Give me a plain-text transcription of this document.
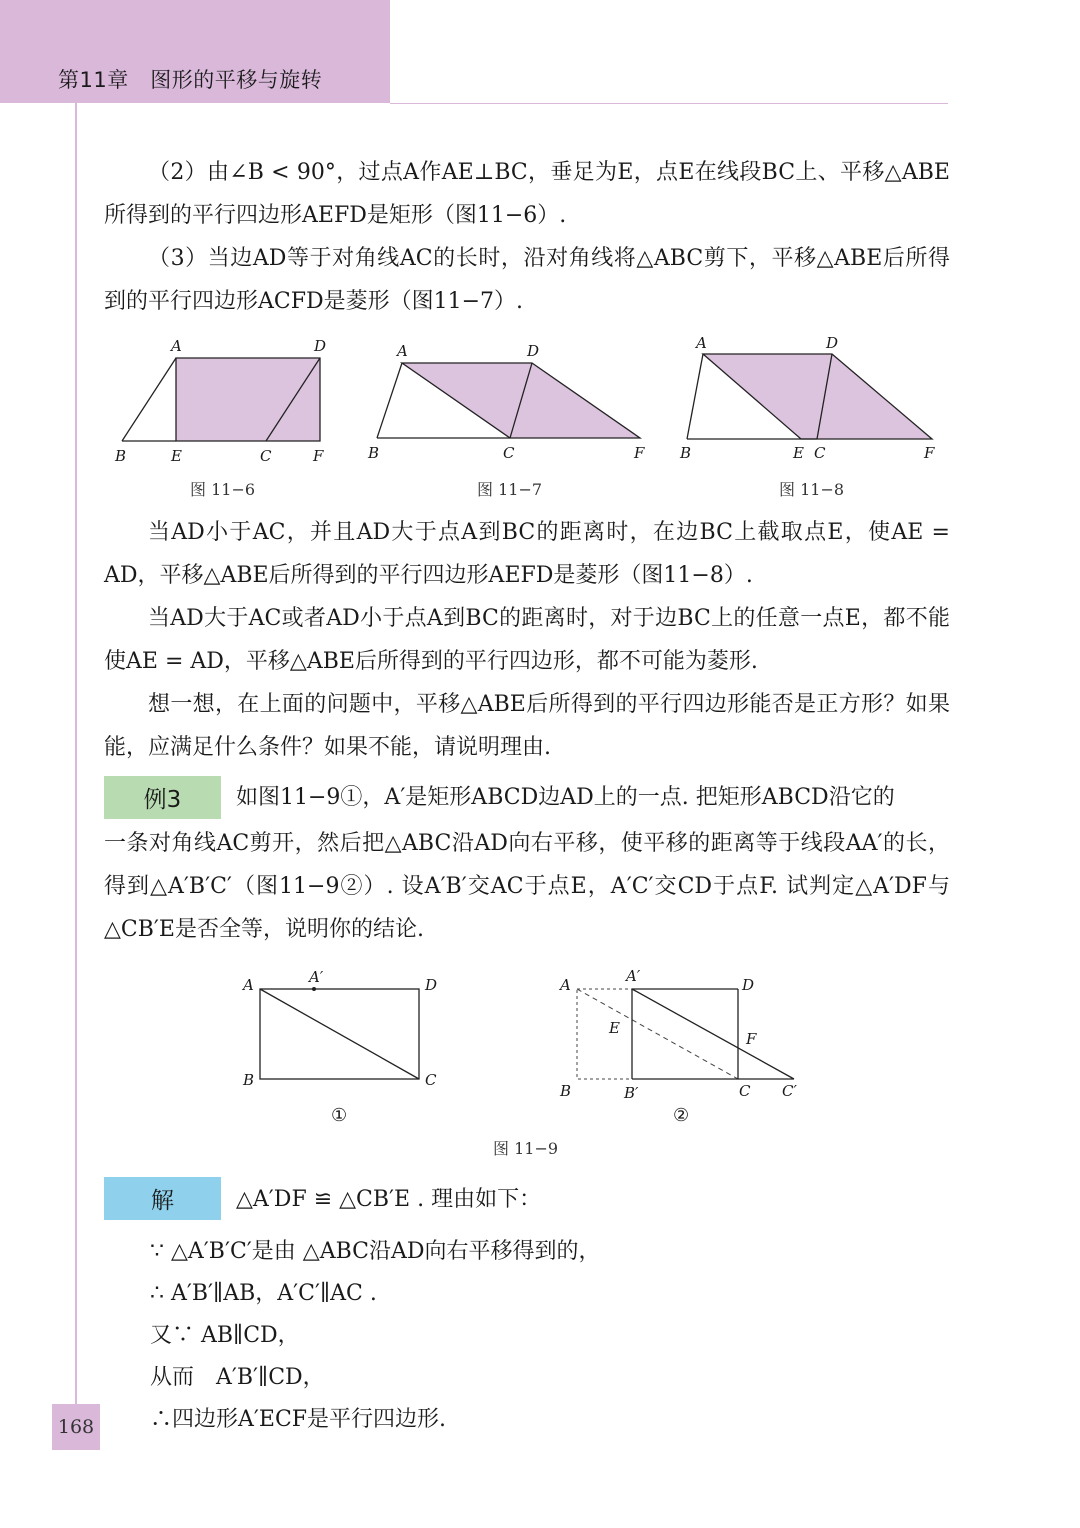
第11章　图形的平移与旋转
168
（2）由∠B < 90°，过点A作AE⊥BC，垂足为E，点E在线段BC上、平移△ABE所得到的平行四边形AEFD是矩形（图11−6）.
（3）当边AD等于对角线AC的长时，沿对角线将△ABC剪下，平移△ABE后所得到的平行四边形ACFD是菱形（图11−7）.
A	D
B	E	C	F
图 11−6
A	D
B	C	F
图 11−7
A	D
B	E C	F
图 11−8
当AD小于AC，并且AD大于点A到BC的距离时，在边BC上截取点E，使AE = AD，平移△ABE后所得到的平行四边形AEFD是菱形（图11−8）.
当AD大于AC或者AD小于点A到BC的距离时，对于边BC上的任意一点E，都不能使AE = AD，平移△ABE后所得到的平行四边形，都不可能为菱形.
想一想，在上面的问题中，平移△ABE后所得到的平行四边形能否是正方形？如果能，应满足什么条件？如果不能，请说明理由.
例3	如图11−9①，A′是矩形ABCD边AD上的一点. 把矩形ABCD沿它的
一条对角线AC剪开，然后把△ABC沿AD向右平移，使平移的距离等于线段AA′的长，得到△A′B′C′（图11−9②）. 设A′B′交AC于点E，A′C′交CD于点F. 试判定△A′DF与△CB′E是否全等，说明你的结论.
A	A′	D
B	C
①
A	A′	D
E
F
B	B′	C C′
②
图 11−9
解	△A′DF ≌ △CB′E . 理由如下：
∵ △A′B′C′是由 △ABC沿AD向右平移得到的，
∴ A′B′∥AB，A′C′∥AC .
又∵ AB∥CD，
从而　A′B′∥CD，
∴四边形A′ECF是平行四边形.
